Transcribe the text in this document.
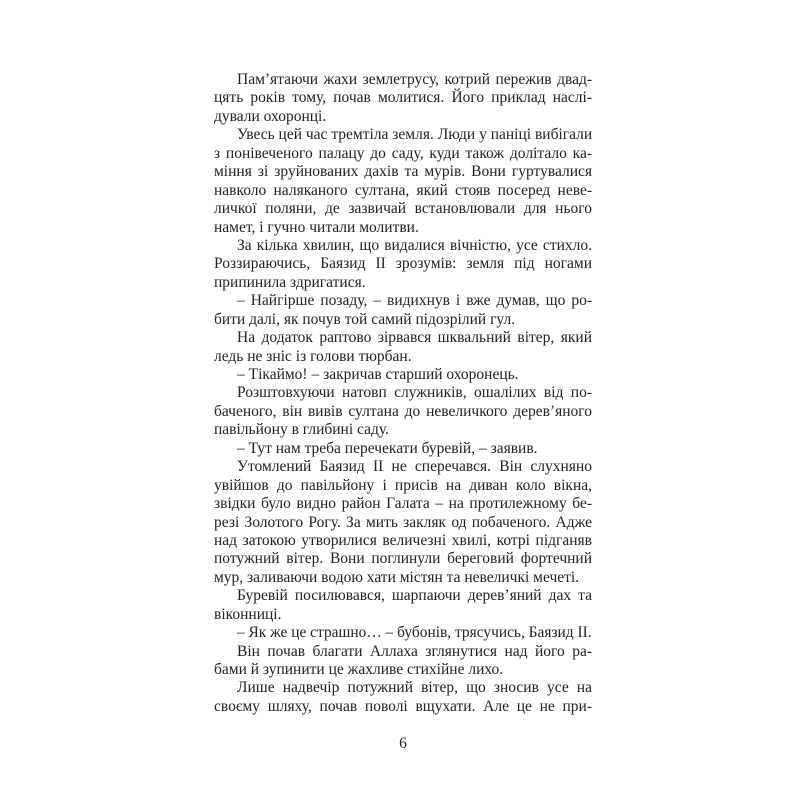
Пам’ятаючи жахи землетрусу, котрий пережив двад-
цять років тому, почав молитися. Його приклад наслі-
дували охоронці.
Увесь цей час тремтіла земля. Люди у паніці вибігали
з понівеченого палацу до саду, куди також долітало ка-
міння зі зруйнованих дахів та мурів. Вони гуртувалися
навколо наляканого султана, який стояв посеред неве-
личкої поляни, де зазвичай встановлювали для нього
намет, і гучно читали молитви.
За кілька хвилин, що видалися вічністю, усе стихло.
Роззираючись, Баязид II зрозумів: земля під ногами
припинила здригатися.
– Найгірше позаду, – видихнув і вже думав, що ро-
бити далі, як почув той самий підозрілий гул.
На додаток раптово зірвався шквальний вітер, який
ледь не зніс із голови тюрбан.
– Тікаймо! – закричав старший охоронець.
Розштовхуючи натовп служників, ошалілих від по-
баченого, він вивів султана до невеличкого дерев’яного
павільйону в глибині саду.
– Тут нам треба перечекати буревій, – заявив.
Утомлений Баязид II не сперечався. Він слухняно
увійшов до павільйону і присів на диван коло вікна,
звідки було видно район Галата – на протилежному бе-
резі Золотого Рогу. За мить закляк од побаченого. Адже
над затокою утворилися величезні хвилі, котрі підганяв
потужний вітер. Вони поглинули береговий фортечний
мур, заливаючи водою хати містян та невеличкі мечеті.
Буревій посилювався, шарпаючи дерев’яний дах та
віконниці.
– Як же це страшно… – бубонів, трясучись, Баязид II.
Він почав благати Аллаха зглянутися над його ра-
бами й зупинити це жахливе стихійне лихо.
Лише надвечір потужний вітер, що зносив усе на
своєму шляху, почав поволі вщухати. Але це не при-
6
